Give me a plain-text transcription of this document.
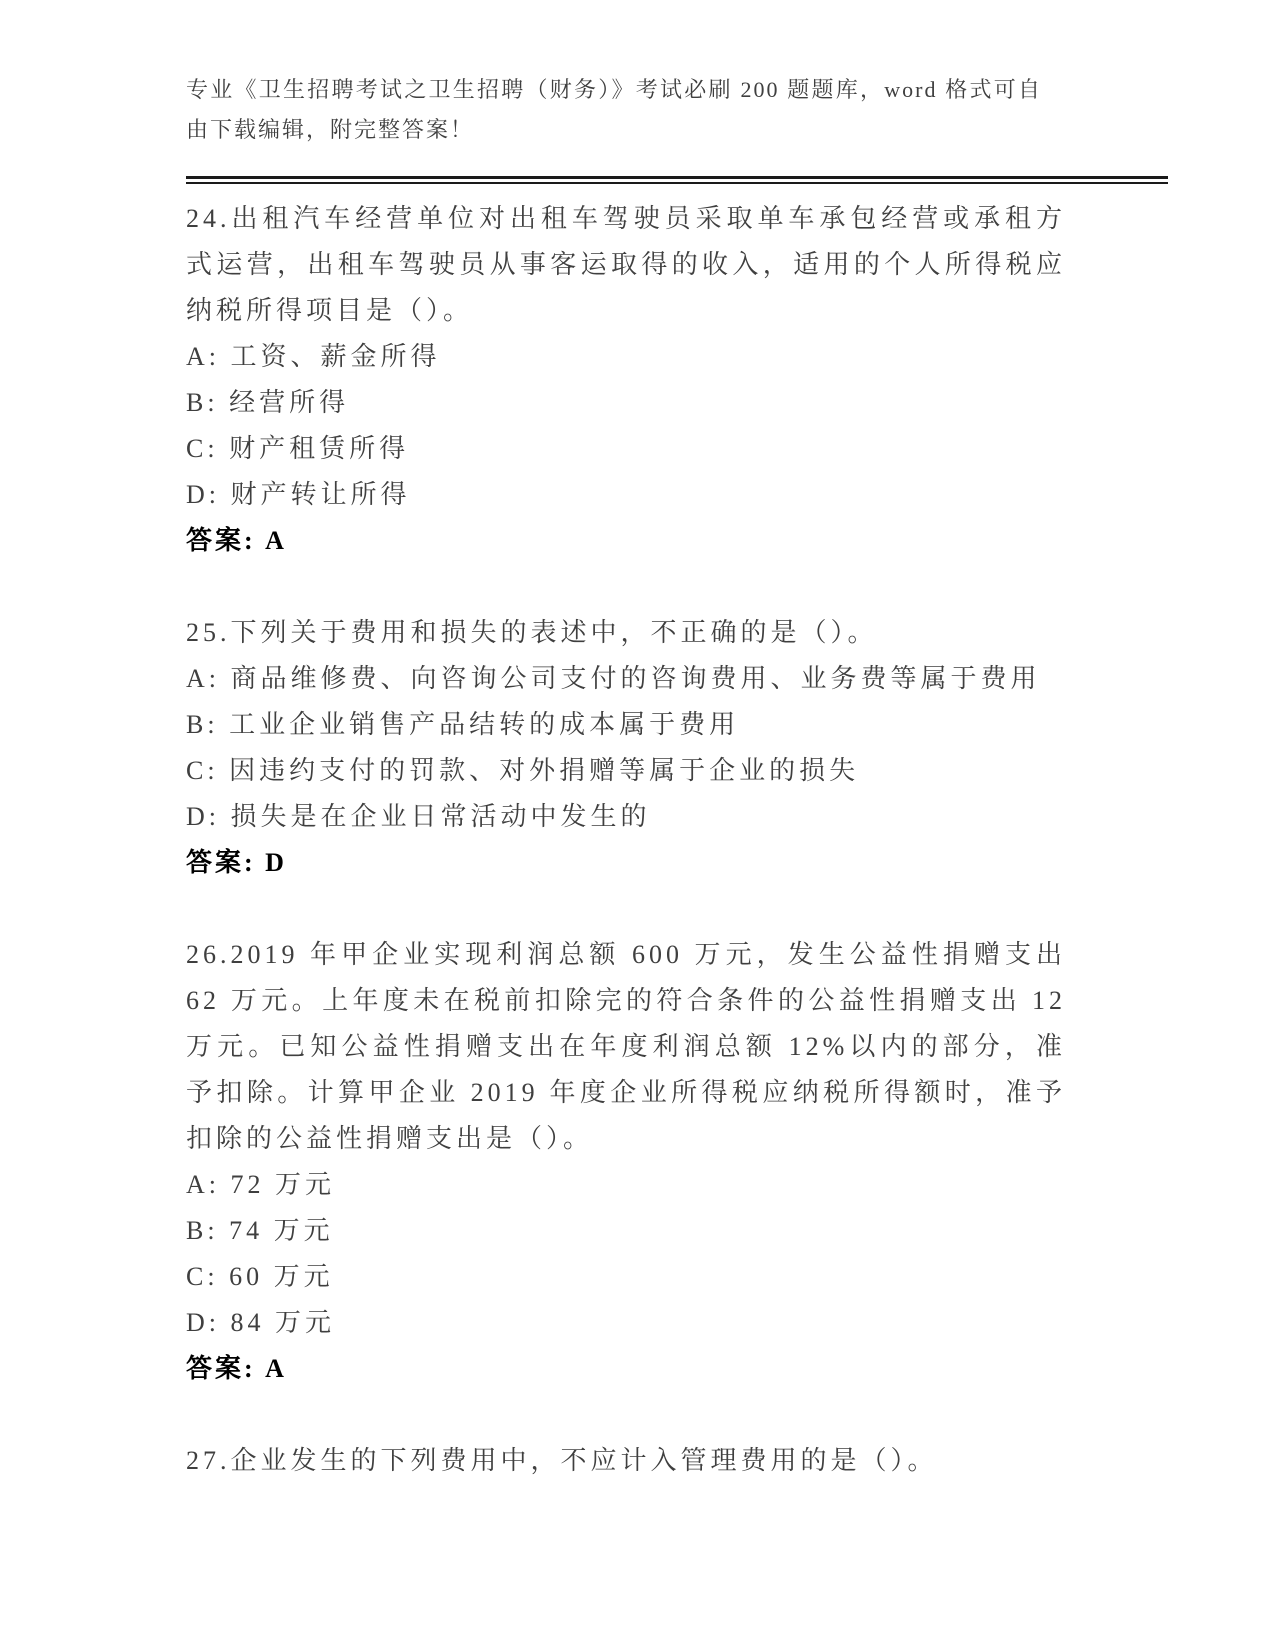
专业《卫生招聘考试之卫生招聘（财务）》考试必刷 200 题题库，word 格式可自由下载编辑，附完整答案！

24.出租汽车经营单位对出租车驾驶员采取单车承包经营或承租方式运营，出租车驾驶员从事客运取得的收入，适用的个人所得税应纳税所得项目是（）。

A: 工资、薪金所得

B: 经营所得

C: 财产租赁所得

D: 财产转让所得

答案: A

25.下列关于费用和损失的表述中，不正确的是（）。

A: 商品维修费、向咨询公司支付的咨询费用、业务费等属于费用

B: 工业企业销售产品结转的成本属于费用

C: 因违约支付的罚款、对外捐赠等属于企业的损失

D: 损失是在企业日常活动中发生的

答案: D

26.2019 年甲企业实现利润总额 600 万元，发生公益性捐赠支出 62 万元。上年度未在税前扣除完的符合条件的公益性捐赠支出 12 万元。已知公益性捐赠支出在年度利润总额 12%以内的部分，准予扣除。计算甲企业 2019 年度企业所得税应纳税所得额时，准予扣除的公益性捐赠支出是（）。

A: 72 万元

B: 74 万元

C: 60 万元

D: 84 万元

答案: A

27.企业发生的下列费用中，不应计入管理费用的是（）。
